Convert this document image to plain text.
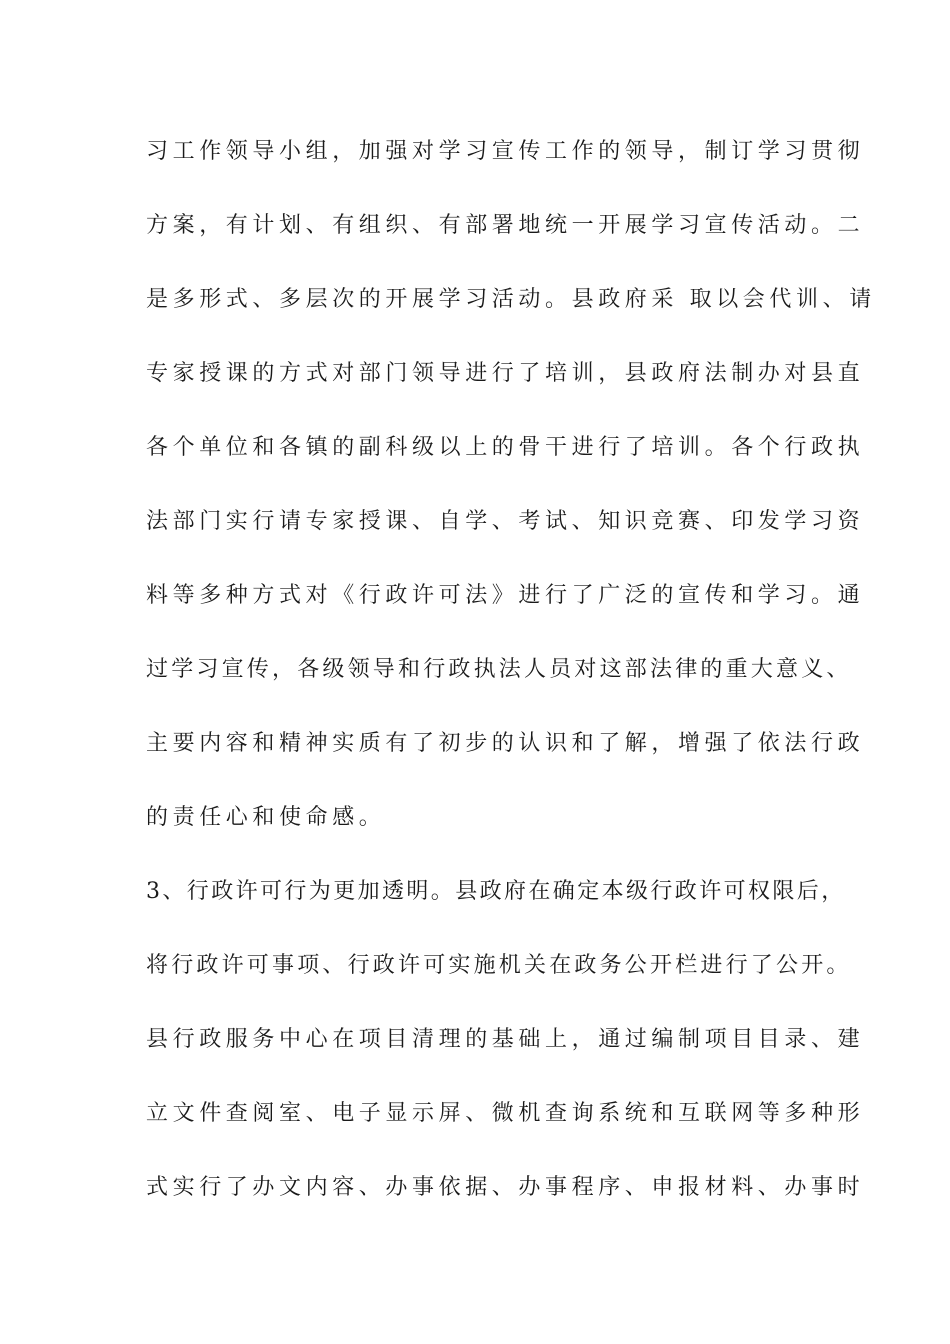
习工作领导小组，加强对学习宣传工作的领导，制订学习贯彻

方案，有计划、有组织、有部署地统一开展学习宣传活动。二

是多形式、多层次的开展学习活动。县政府采 取以会代训、请

专家授课的方式对部门领导进行了培训，县政府法制办对县直

各个单位和各镇的副科级以上的骨干进行了培训。各个行政执

法部门实行请专家授课、自学、考试、知识竞赛、印发学习资

料等多种方式对《行政许可法》进行了广泛的宣传和学习。通

过学习宣传，各级领导和行政执法人员对这部法律的重大意义、

主要内容和精神实质有了初步的认识和了解，增强了依法行政

的责任心和使命感。

3、行政许可行为更加透明。县政府在确定本级行政许可权限后，

将行政许可事项、行政许可实施机关在政务公开栏进行了公开。

县行政服务中心在项目清理的基础上，通过编制项目目录、建

立文件查阅室、电子显示屏、微机查询系统和互联网等多种形

式实行了办文内容、办事依据、办事程序、申报材料、办事时
